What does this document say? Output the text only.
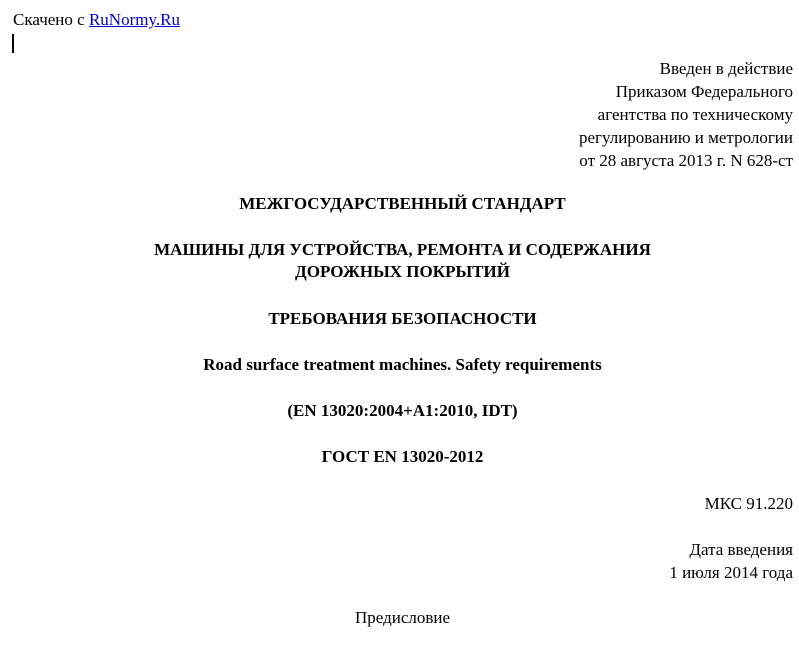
Скачено с RuNormy.Ru
Введен в действие
Приказом Федерального
агентства по техническому
регулированию и метрологии
от 28 августа 2013 г. N 628-ст
МЕЖГОСУДАРСТВЕННЫЙ СТАНДАРТ
МАШИНЫ ДЛЯ УСТРОЙСТВА, РЕМОНТА И СОДЕРЖАНИЯ
ДОРОЖНЫХ ПОКРЫТИЙ
ТРЕБОВАНИЯ БЕЗОПАСНОСТИ
Road surface treatment machines. Safety requirements
(EN 13020:2004+A1:2010, IDT)
ГОСТ EN 13020-2012
МКС 91.220
Дата введения
1 июля 2014 года
Предисловие
